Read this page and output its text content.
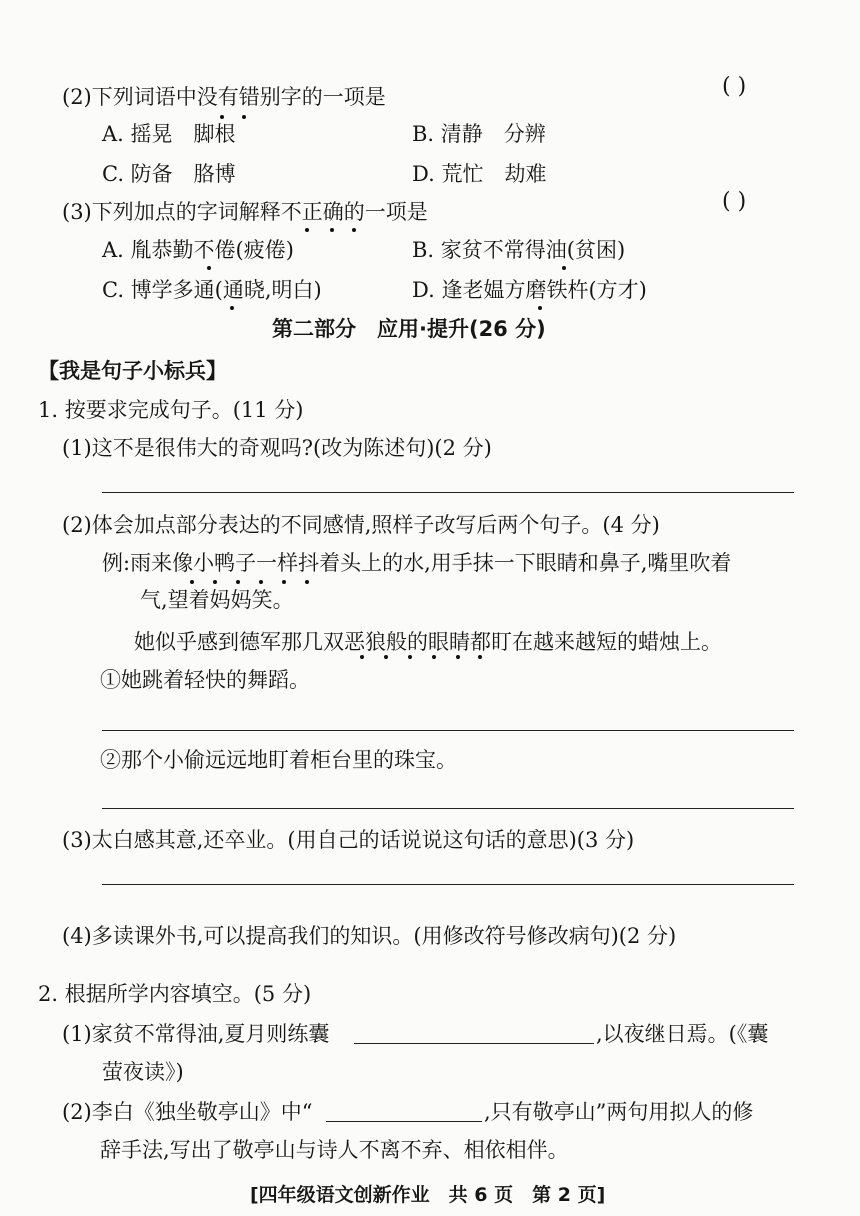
(2)下列词语中没有错别字的一项是	( )
A. 摇晃　脚根	B. 清静　分辨
C. 防备　胳博	D. 荒忙　劫难
(3)下列加点的字词解释不正确的一项是	( )
A. 胤恭勤不倦(疲倦)	B. 家贫不常得油(贫困)
C. 博学多通(通晓,明白)	D. 逢老媪方磨铁杵(方才)
第二部分　应用·提升(26 分)
【我是句子小标兵】
1. 按要求完成句子。(11 分)
(1)这不是很伟大的奇观吗?(改为陈述句)(2 分)
(2)体会加点部分表达的不同感情,照样子改写后两个句子。(4 分)
例:雨来像小鸭子一样抖着头上的水,用手抹一下眼睛和鼻子,嘴里吹着
气,望着妈妈笑。
她似乎感到德军那几双恶狼般的眼睛都盯在越来越短的蜡烛上。
①她跳着轻快的舞蹈。
②那个小偷远远地盯着柜台里的珠宝。
(3)太白感其意,还卒业。(用自己的话说说这句话的意思)(3 分)
(4)多读课外书,可以提高我们的知识。(用修改符号修改病句)(2 分)
2. 根据所学内容填空。(5 分)
(1)家贫不常得油,夏月则练囊	,以夜继日焉。(《囊
萤夜读》)
(2)李白《独坐敬亭山》中“	,只有敬亭山”两句用拟人的修
辞手法,写出了敬亭山与诗人不离不弃、相依相伴。
[四年级语文创新作业　共 6 页　第 2 页]
